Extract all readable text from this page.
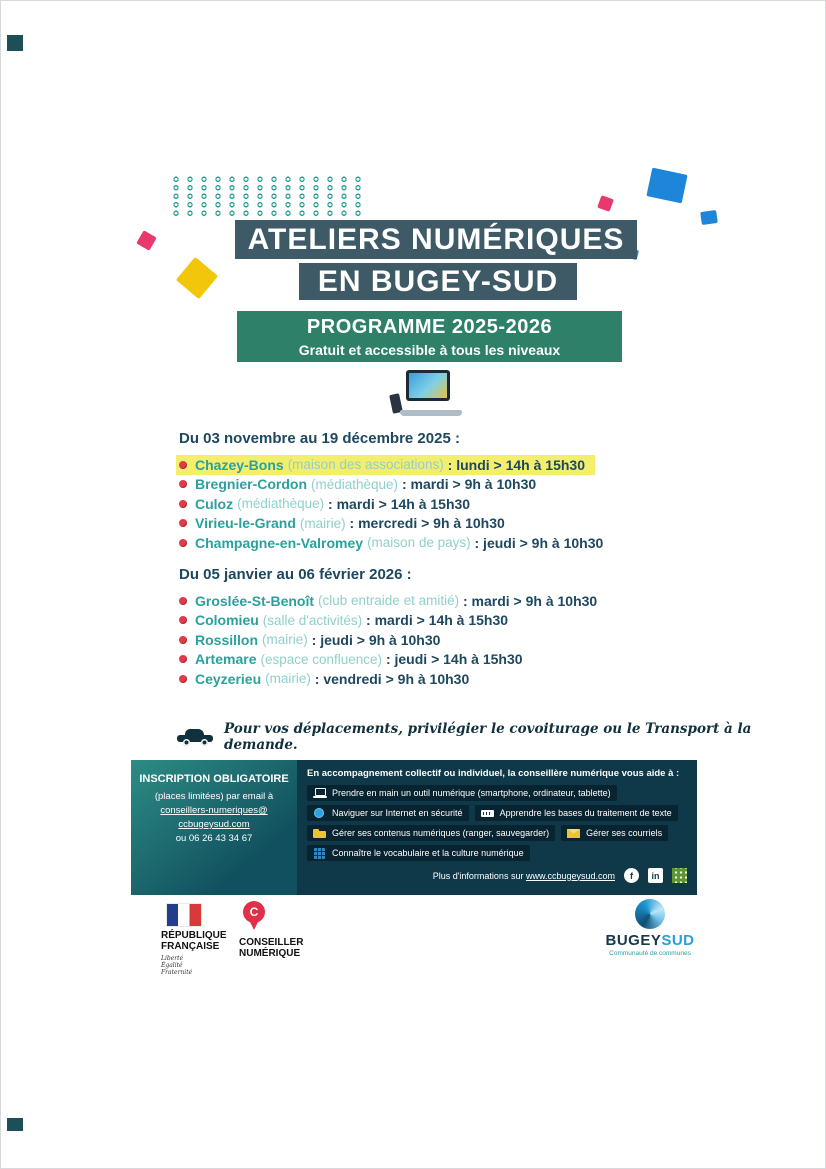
ATELIERS NUMÉRIQUES
EN BUGEY-SUD
PROGRAMME 2025-2026
Gratuit et accessible à tous les niveaux
Du 03 novembre au 19 décembre 2025 :
Chazey-Bons (maison des associations) : lundi > 14h à 15h30
Bregnier-Cordon (médiathèque) : mardi > 9h à 10h30
Culoz (médiathèque) : mardi > 14h à 15h30
Virieu-le-Grand (mairie) : mercredi > 9h à 10h30
Champagne-en-Valromey (maison de pays) : jeudi > 9h à 10h30
Du 05 janvier au 06 février 2026 :
Groslée-St-Benoît (club entraide et amitié) : mardi > 9h à 10h30
Colomieu (salle d'activités) : mardi > 14h à 15h30
Rossillon (mairie) : jeudi > 9h à 10h30
Artemare (espace confluence) : jeudi > 14h à 15h30
Ceyzerieu (mairie) : vendredi > 9h à 10h30
Pour vos déplacements, privilégier le covoiturage ou le Transport à la demande.
INSCRIPTION OBLIGATOIRE
(places limitées) par email à
conseillers-numeriques@
ccbugeysud.com
ou 06 26 43 34 67
En accompagnement collectif ou individuel, la conseillère numérique vous aide à :
Prendre en main un outil numérique (smartphone, ordinateur, tablette)
Naviguer sur Internet en sécurité	Apprendre les bases du traitement de texte
Gérer ses contenus numériques (ranger, sauvegarder)	Gérer ses courriels
Connaître le vocabulaire et la culture numérique
Plus d'informations sur www.ccbugeysud.com	f	in
RÉPUBLIQUE
FRANÇAISE
Liberté
Égalité
Fraternité
C
CONSEILLER
NUMÉRIQUE
BUGEYSUD
Communauté de communes
